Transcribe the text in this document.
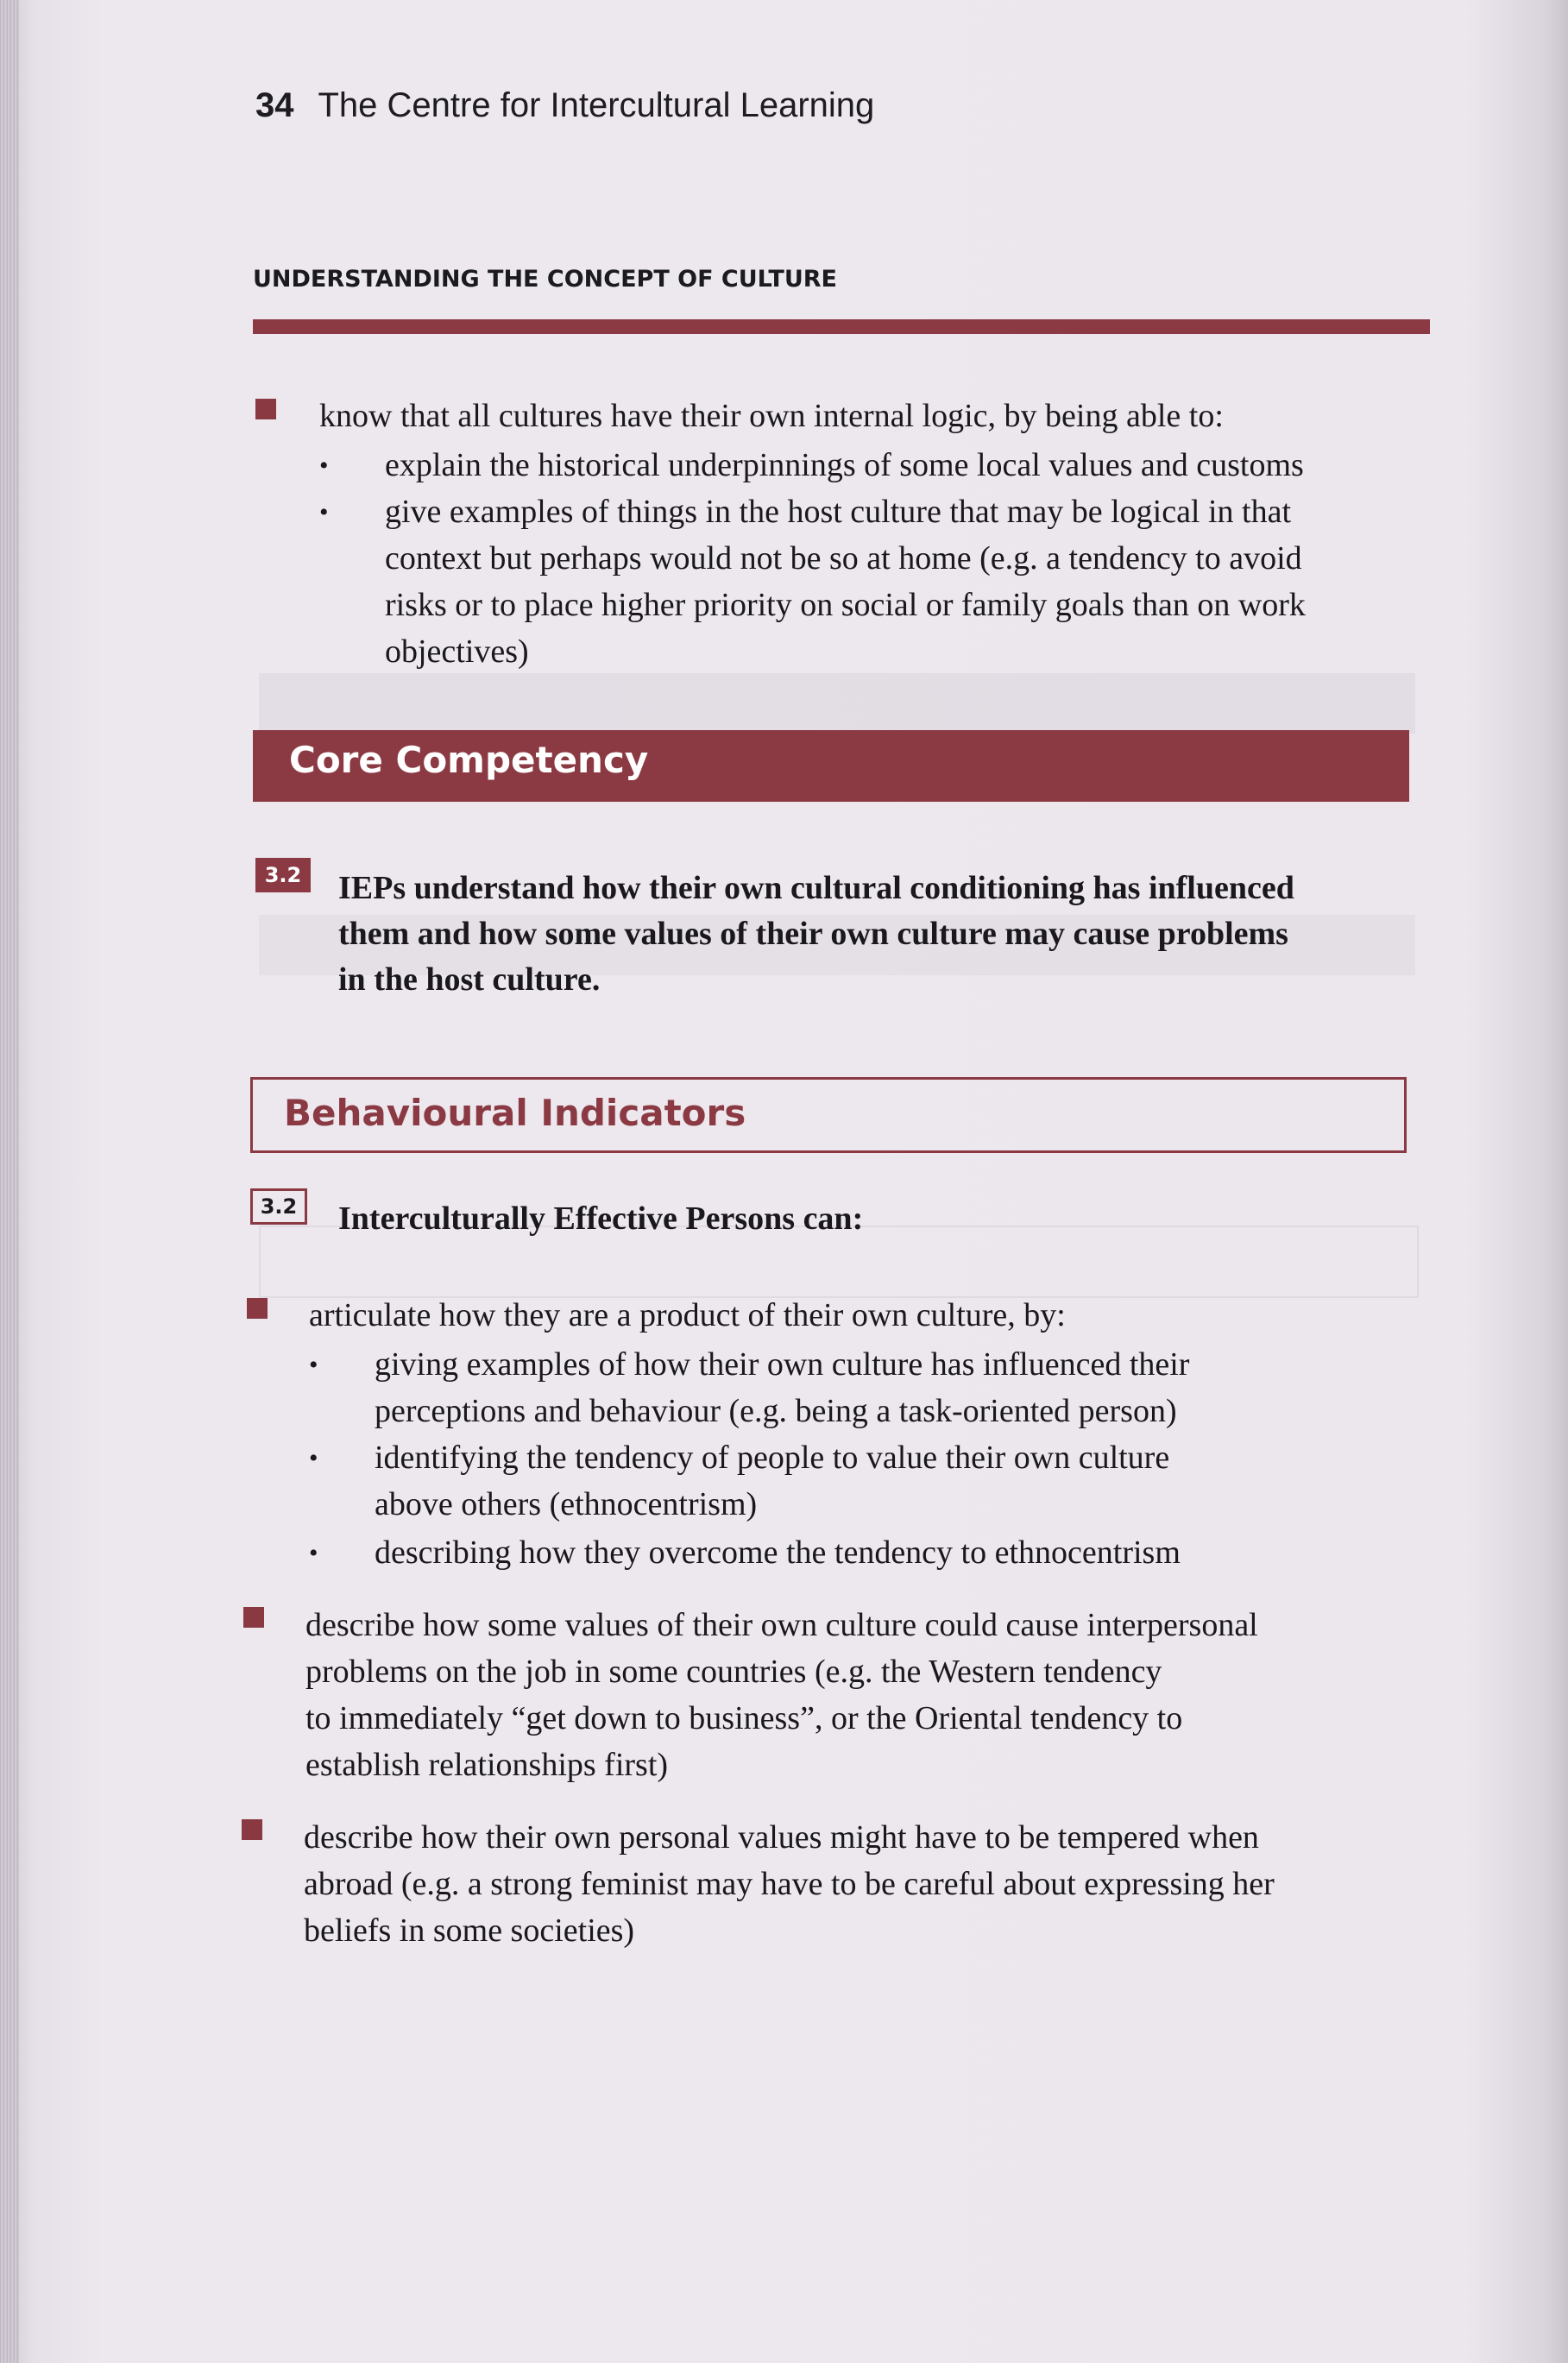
34 The Centre for Intercultural Learning
UNDERSTANDING THE CONCEPT OF CULTURE
know that all cultures have their own internal logic, by being able to:
• explain the historical underpinnings of some local values and customs
• give examples of things in the host culture that may be logical in that
context but perhaps would not be so at home (e.g. a tendency to avoid
risks or to place higher priority on social or family goals than on work
objectives)
Core Competency
3.2 IEPs understand how their own cultural conditioning has influenced
them and how some values of their own culture may cause problems
in the host culture.
Behavioural Indicators
3.2	Interculturally Effective Persons can:
articulate how they are a product of their own culture, by:
• giving examples of how their own culture has influenced their
perceptions and behaviour (e.g. being a task-oriented person)
• identifying the tendency of people to value their own culture
above others (ethnocentrism)
• describing how they overcome the tendency to ethnocentrism
describe how some values of their own culture could cause interpersonal
problems on the job in some countries (e.g. the Western tendency
to immediately “get down to business”, or the Oriental tendency to
establish relationships first)
describe how their own personal values might have to be tempered when
abroad (e.g. a strong feminist may have to be careful about expressing her
beliefs in some societies)
